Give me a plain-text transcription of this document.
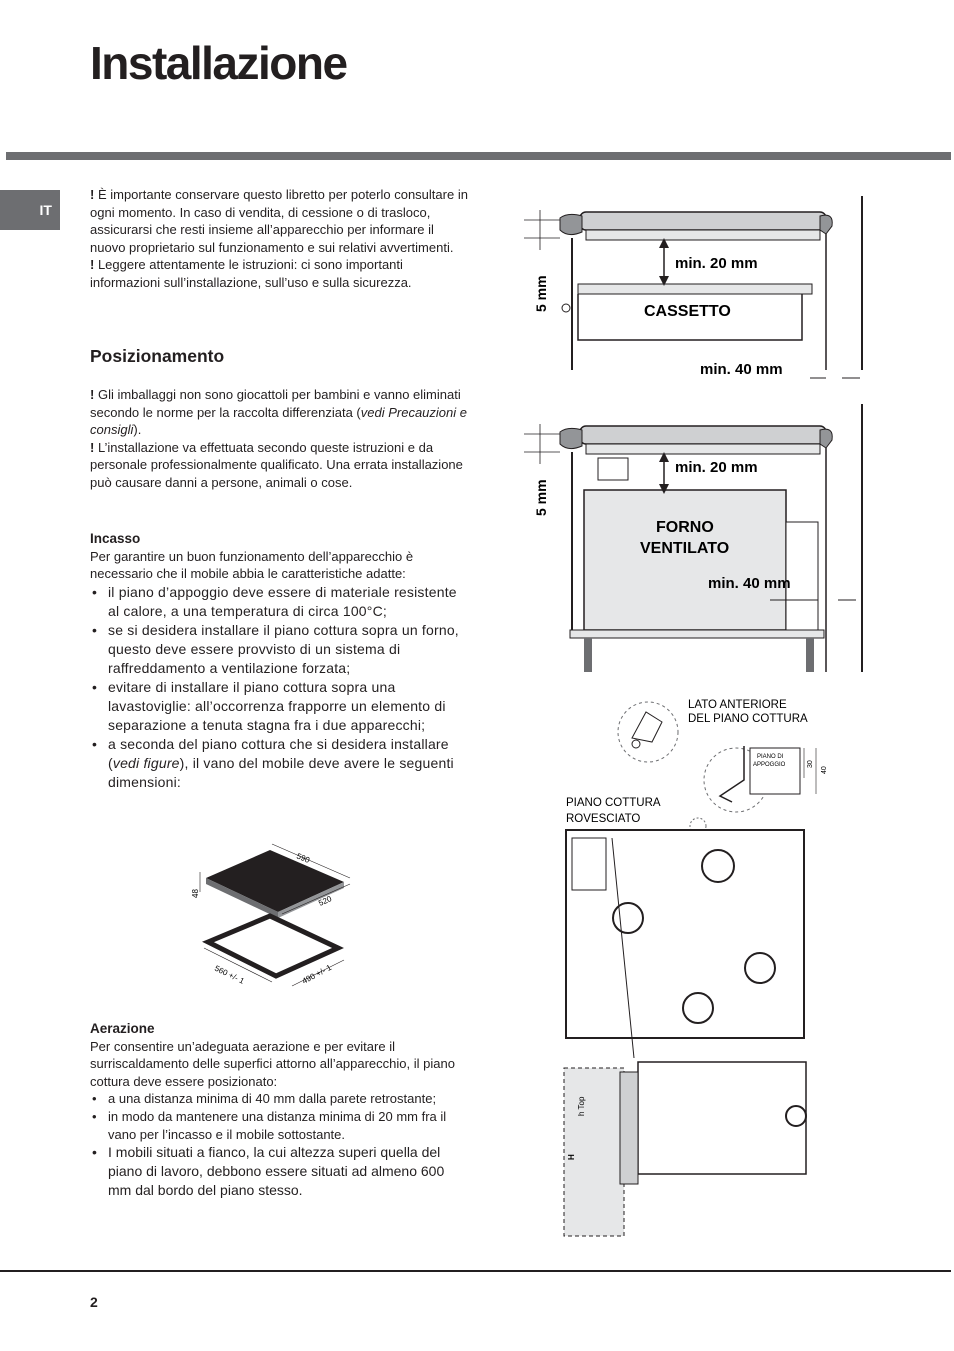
Installazione
IT

! È importante conservare questo libretto per poterlo consultare in ogni momento. In caso di vendita, di cessione o di trasloco, assicurarsi che resti insieme all’apparecchio per informare il nuovo proprietario sul funzionamento e sui relativi avvertimenti.

! Leggere attentamente le istruzioni: ci sono importanti informazioni sull’installazione, sull’uso e sulla sicurezza.

Posizionamento

! Gli imballaggi non sono giocattoli per bambini e vanno eliminati secondo le norme per la raccolta differenziata (vedi Precauzioni e consigli).

! L’installazione va effettuata secondo queste istruzioni e da personale professionalmente qualificato. Una errata installazione può causare danni a persone, animali o cose.

Incasso

Per garantire un buon funzionamento dell’apparecchio è necessario che il mobile abbia le caratteristiche adatte:

• il piano d’appoggio deve essere di materiale resistente al calore, a una temperatura di circa 100°C;
• se si desidera installare il piano cottura sopra un forno, questo deve essere provvisto di un sistema di raffreddamento a ventilazione forzata;
• evitare di installare il piano cottura sopra una lavastoviglie: all’occorrenza frapporre un elemento di separazione a tenuta stagna fra i due apparecchi;
• a seconda del piano cottura che si desidera installare (vedi figure), il vano del mobile deve avere le seguenti dimensioni:
590
520
48
560 +/- 1	490 +/- 1

Aerazione

Per consentire un’adeguata aerazione e per evitare il surriscaldamento delle superfici attorno all’apparecchio, il piano cottura deve essere posizionato:

• a una distanza minima di 40 mm dalla parete retrostante;
• in modo da mantenere una distanza minima di 20 mm fra il vano per l’incasso e il mobile sottostante.
• I mobili situati a fianco, la cui altezza superi quella del piano di lavoro, debbono essere situati ad almeno 600 mm dal bordo del piano stesso.
min. 20 mm
CASSETTO
min. 40 mm
5 mm
min. 20 mm
FORNO
VENTILATO
min. 40 mm
5 mm
LATO ANTERIORE
DEL PIANO COTTURA
PIANO DI
APPOGGIO	30
40
PIANO COTTURA
ROVESCIATO
h Top
H
2
